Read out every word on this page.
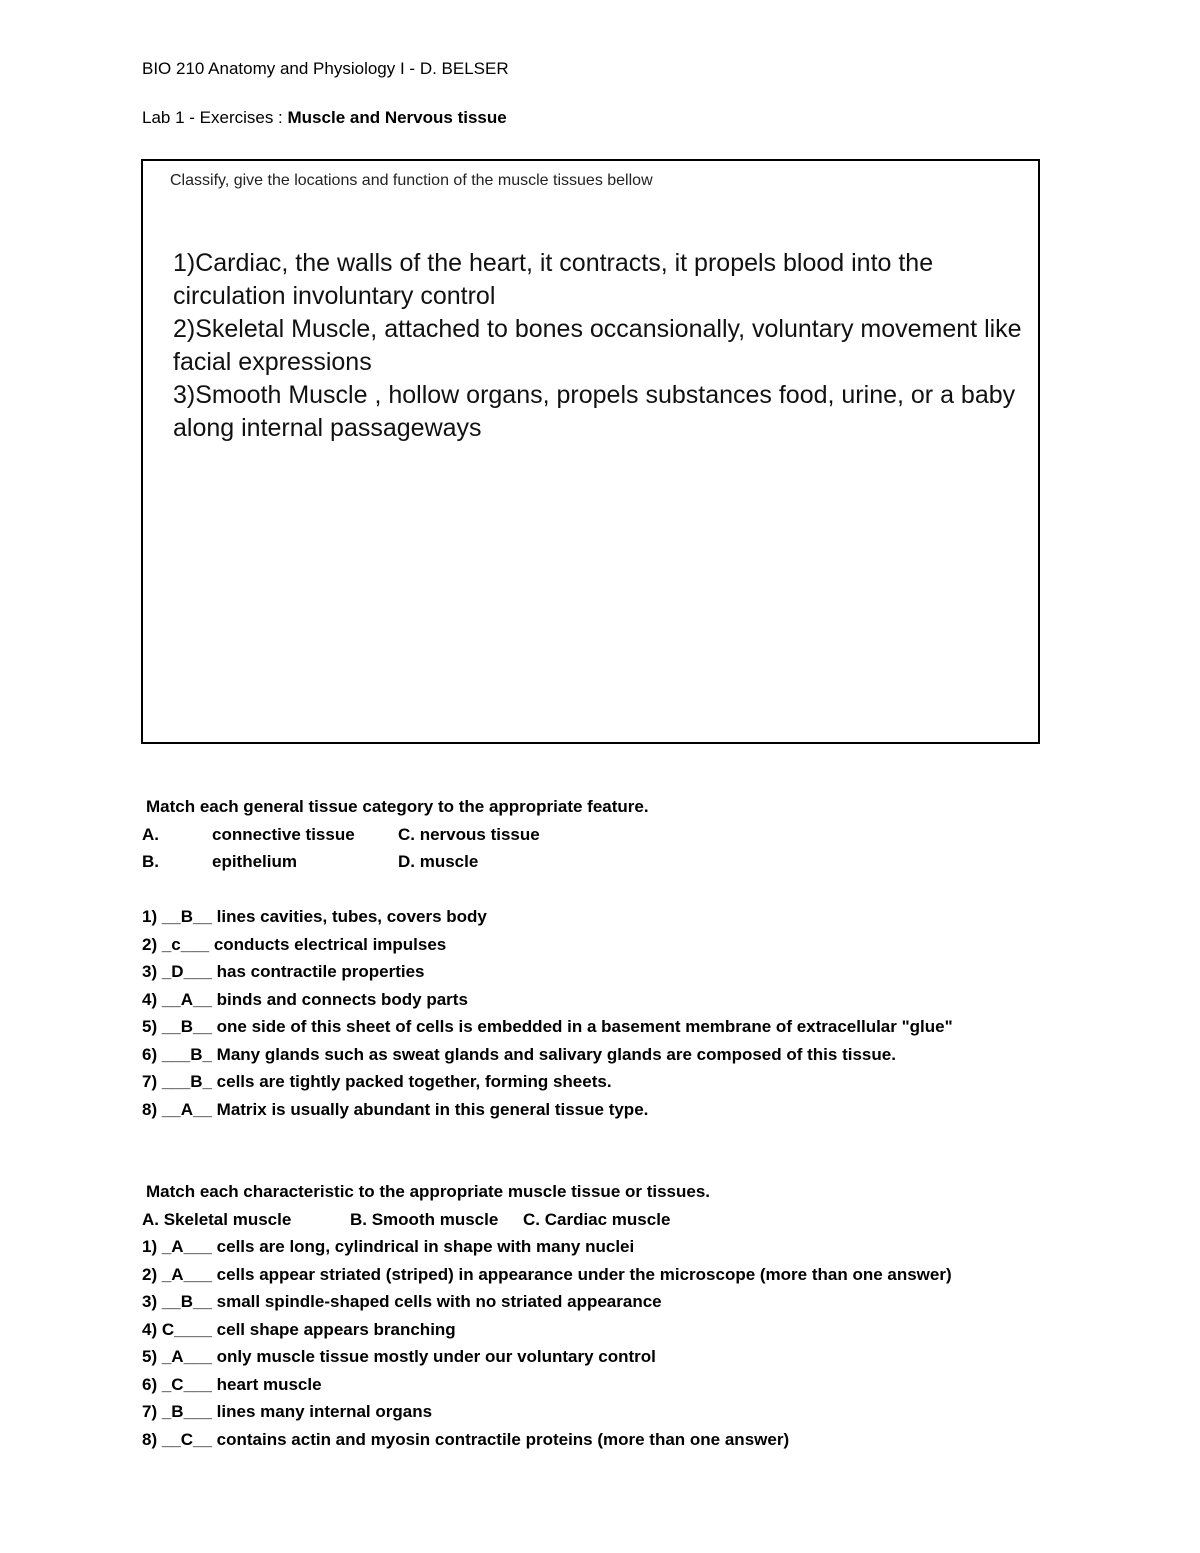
BIO 210 Anatomy and Physiology I - D. BELSER
Lab 1 - Exercises : Muscle and Nervous tissue
Classify, give the locations and function of the muscle tissues bellow
1)Cardiac, the walls of the heart, it contracts, it propels blood into the circulation involuntary control
2)Skeletal Muscle, attached to bones occansionally, voluntary movement like facial expressions
3)Smooth Muscle , hollow organs, propels substances food, urine, or a baby along internal passageways
Match each general tissue category to the appropriate feature.
A.	connective tissue	C. nervous tissue
B.	epithelium	D. muscle
1) __B__ lines cavities, tubes, covers body
2) _c___ conducts electrical impulses
3) _D___ has contractile properties
4) __A__ binds and connects body parts
5) __B__ one side of this sheet of cells is embedded in a basement membrane of extracellular "glue"
6) ___B_ Many glands such as sweat glands and salivary glands are composed of this tissue.
7) ___B_ cells are tightly packed together, forming sheets.
8) __A__ Matrix is usually abundant in this general tissue type.
Match each characteristic to the appropriate muscle tissue or tissues.
A. Skeletal muscle	B. Smooth muscle C. Cardiac muscle
1) _A___ cells are long, cylindrical in shape with many nuclei
2) _A___ cells appear striated (striped) in appearance under the microscope (more than one answer)
3) __B__ small spindle-shaped cells with no striated appearance
4) C____ cell shape appears branching
5) _A___ only muscle tissue mostly under our voluntary control
6) _C___ heart muscle
7) _B___ lines many internal organs
8) __C__ contains actin and myosin contractile proteins (more than one answer)
